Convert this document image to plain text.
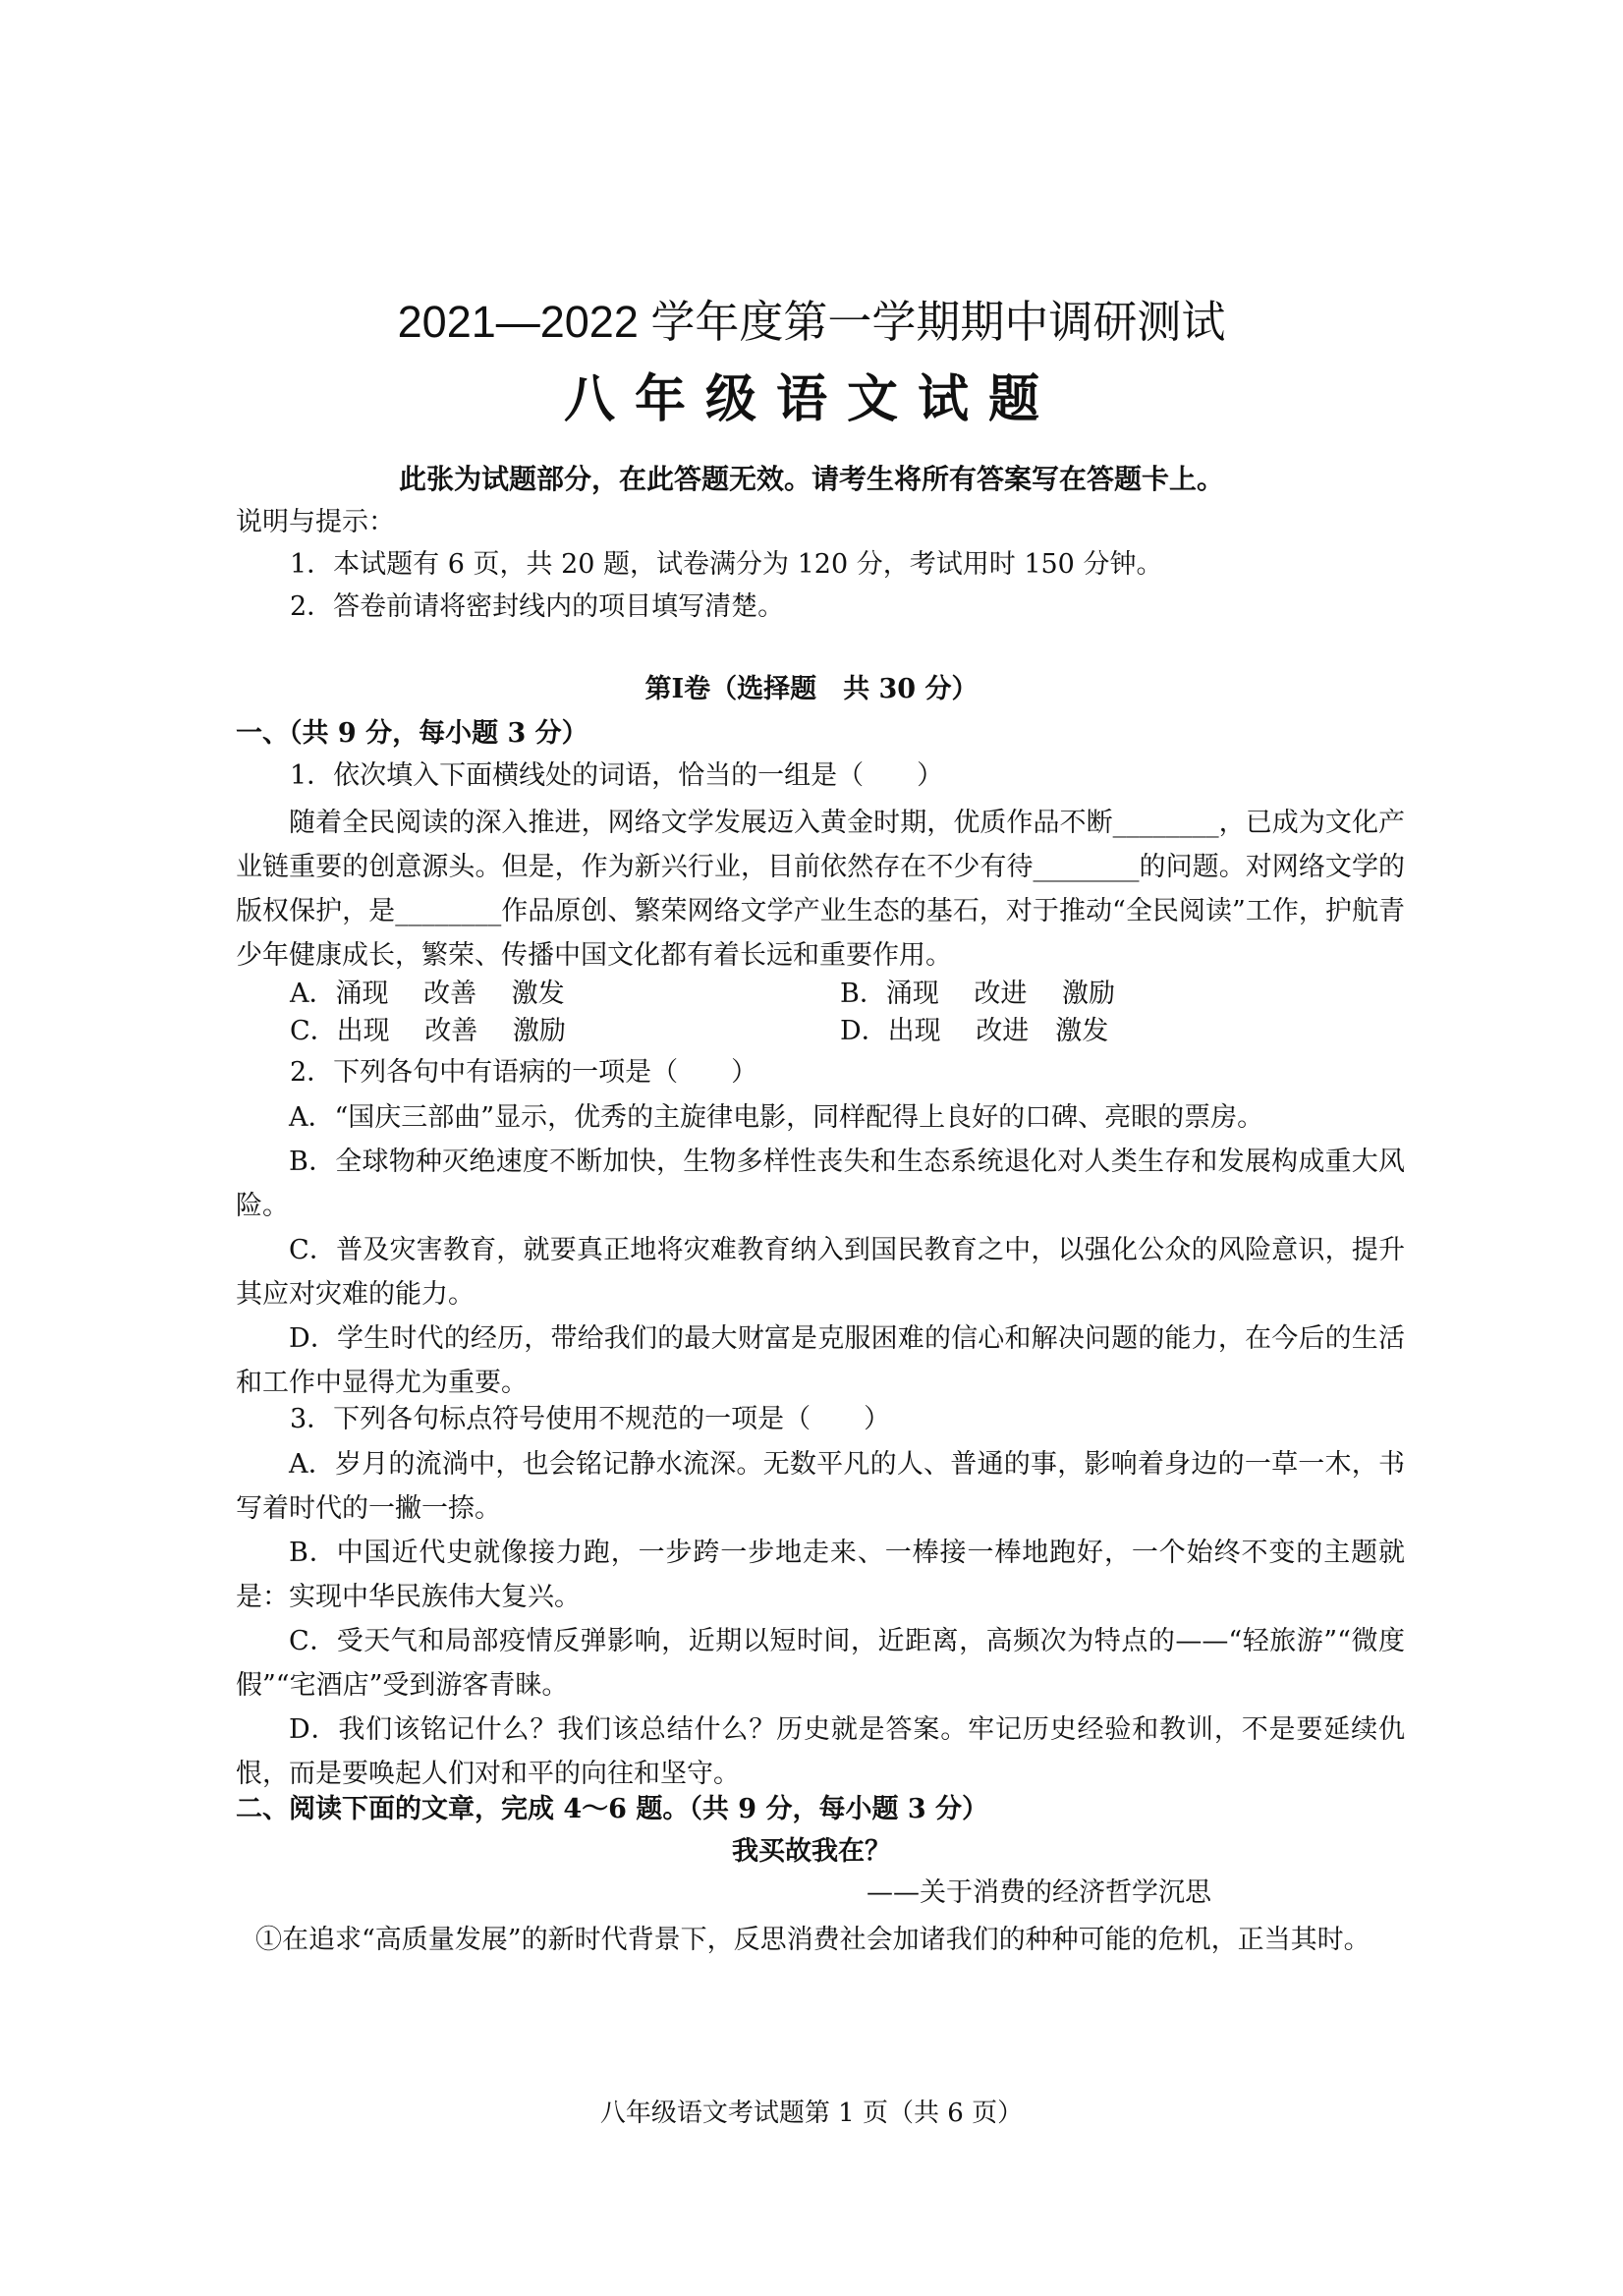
2021—2022 学年度第一学期期中调研测试
八年级语文试题
此张为试题部分，在此答题无效。请考生将所有答案写在答题卡上。
说明与提示：
1．本试题有 6 页，共 20 题，试卷满分为 120 分，考试用时 150 分钟。
2．答卷前请将密封线内的项目填写清楚。
第Ⅰ卷（选择题　共 30 分）
一、（共 9 分，每小题 3 分）
1．依次填入下面横线处的词语，恰当的一组是（　　）
随着全民阅读的深入推进，网络文学发展迈入黄金时期，优质作品不断________，已成为文化产业链重要的创意源头。但是，作为新兴行业，目前依然存在不少有待________的问题。对网络文学的版权保护，是________作品原创、繁荣网络文学产业生态的基石，对于推动“全民阅读”工作，护航青少年健康成长，繁荣、传播中国文化都有着长远和重要作用。
A．涌现　 改善　 激发	B．涌现　 改进　 激励
C．出现　 改善　 激励	D．出现　 改进　激发
2．下列各句中有语病的一项是（　　）
A．“国庆三部曲”显示，优秀的主旋律电影，同样配得上良好的口碑、亮眼的票房。
B．全球物种灭绝速度不断加快，生物多样性丧失和生态系统退化对人类生存和发展构成重大风险。
C．普及灾害教育，就要真正地将灾难教育纳入到国民教育之中，以强化公众的风险意识，提升其应对灾难的能力。
D．学生时代的经历，带给我们的最大财富是克服困难的信心和解决问题的能力，在今后的生活和工作中显得尤为重要。
3．下列各句标点符号使用不规范的一项是（　　）
A．岁月的流淌中，也会铭记静水流深。无数平凡的人、普通的事，影响着身边的一草一木，书写着时代的一撇一捺。
B．中国近代史就像接力跑，一步跨一步地走来、一棒接一棒地跑好，一个始终不变的主题就是：实现中华民族伟大复兴。
C．受天气和局部疫情反弹影响，近期以短时间，近距离，高频次为特点的——“轻旅游”“微度假”“宅酒店”受到游客青睐。
D．我们该铭记什么？我们该总结什么？历史就是答案。牢记历史经验和教训，不是要延续仇恨，而是要唤起人们对和平的向往和坚守。
二、阅读下面的文章，完成 4～6 题。（共 9 分，每小题 3 分）
我买故我在？
——关于消费的经济哲学沉思
①在追求“高质量发展”的新时代背景下，反思消费社会加诸我们的种种可能的危机，正当其时。
八年级语文考试题第 1 页（共 6 页）
